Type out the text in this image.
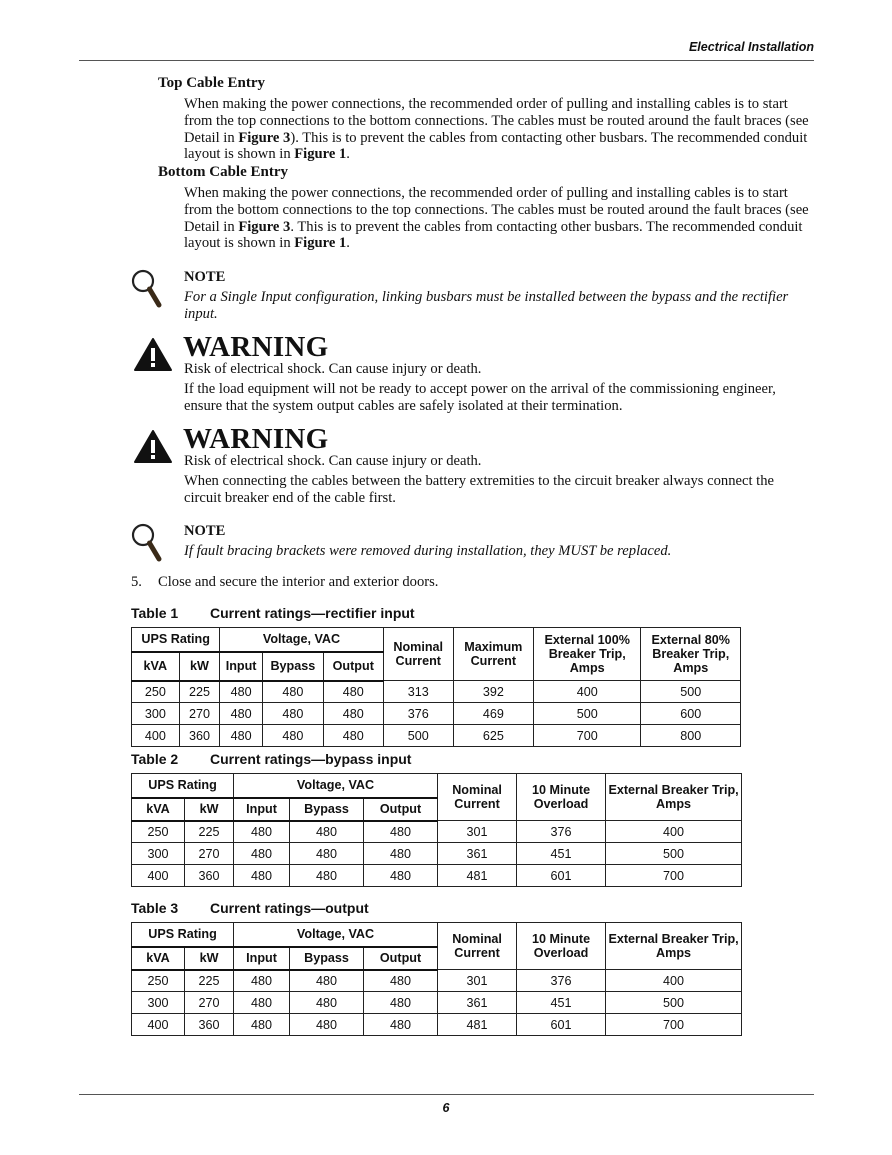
Electrical Installation
Top Cable Entry
When making the power connections, the recommended order of pulling and installing cables is to start from the top connections to the bottom connections. The cables must be routed around the fault braces (see Detail in Figure 3). This is to prevent the cables from contacting other busbars. The recommended conduit layout is shown in Figure 1.
Bottom Cable Entry
When making the power connections, the recommended order of pulling and installing cables is to start from the bottom connections to the top connections. The cables must be routed around the fault braces (see Detail in Figure 3. This is to prevent the cables from contacting other busbars. The recommended conduit layout is shown in Figure 1.
NOTE
For a Single Input configuration, linking busbars must be installed between the bypass and the rectifier input.
WARNING
Risk of electrical shock. Can cause injury or death.
If the load equipment will not be ready to accept power on the arrival of the commissioning engineer, ensure that the system output cables are safely isolated at their termination.
WARNING
Risk of electrical shock. Can cause injury or death.
When connecting the cables between the battery extremities to the circuit breaker always connect the circuit breaker end of the cable first.
NOTE
If fault bracing brackets were removed during installation, they MUST be replaced.
5. Close and secure the interior and exterior doors.
Table 1 Current ratings—rectifier input
UPS Rating		Voltage, VAC			Nominal Current	Maximum Current	External 100% Breaker Trip, Amps	External 80% Breaker Trip, Amps
kVA	kW	Input	Bypass	Output				
250	225	480	480	480	313	392	400	500
300	270	480	480	480	376	469	500	600
400	360	480	480	480	500	625	700	800
Table 2 Current ratings—bypass input
UPS Rating		Voltage, VAC			Nominal Current	10 Minute Overload	External Breaker Trip, Amps
kVA	kW	Input	Bypass	Output			
250	225	480	480	480	301	376	400
300	270	480	480	480	361	451	500
400	360	480	480	480	481	601	700
Table 3 Current ratings—output
UPS Rating		Voltage, VAC			Nominal Current	10 Minute Overload	External Breaker Trip, Amps
kVA	kW	Input	Bypass	Output			
250	225	480	480	480	301	376	400
300	270	480	480	480	361	451	500
400	360	480	480	480	481	601	700
6
